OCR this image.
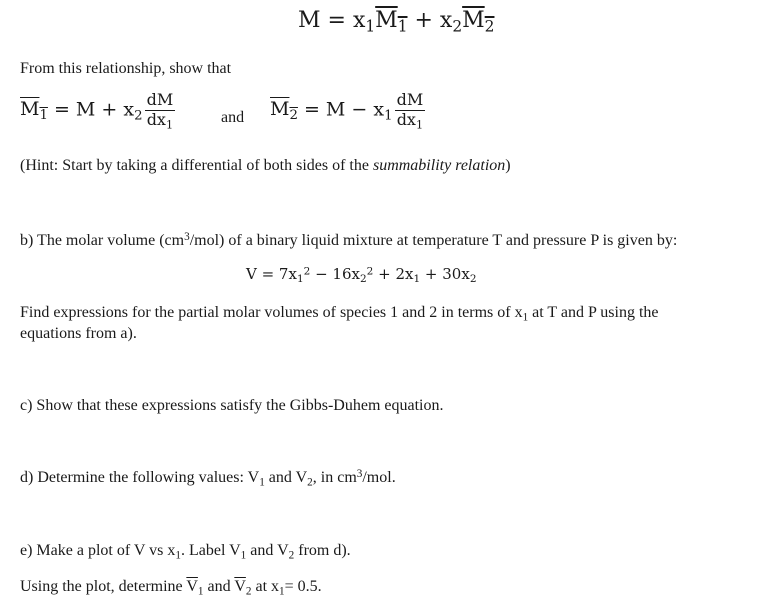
$M = x_1M_1 + x_2M_2$
From this relationship, show that
$M_1 = M + x_2 \frac{dM}{dx_1}$	and $M_2 = M - x_1 \frac{dM}{dx_1}$
(Hint: Start by taking a differential of both sides of the summability relation)
b) The molar volume $(cm^3/mol)$ of a binary liquid mixture at temperature T and pressure P is given by:
$V = 7x_1^2 - 16x_2^2 + 2x_1 + 30x_2$
Find expressions for the partial molar volumes of species 1 and 2 in terms of $x_1$ at T and P using the
equations from a).
c) Show that these expressions satisfy the Gibbs-Duhem equation.
d) Determine the following values: $V_1$ and $V_2$, in $cm^3$/mol.
e) Make a plot of V vs $x_1$. Label $V_1$ and $V_2$ from d).
Using the plot, determine $\overline{V}_1$ and $\overline{V}_2$ at $x_1= 0.5$.
